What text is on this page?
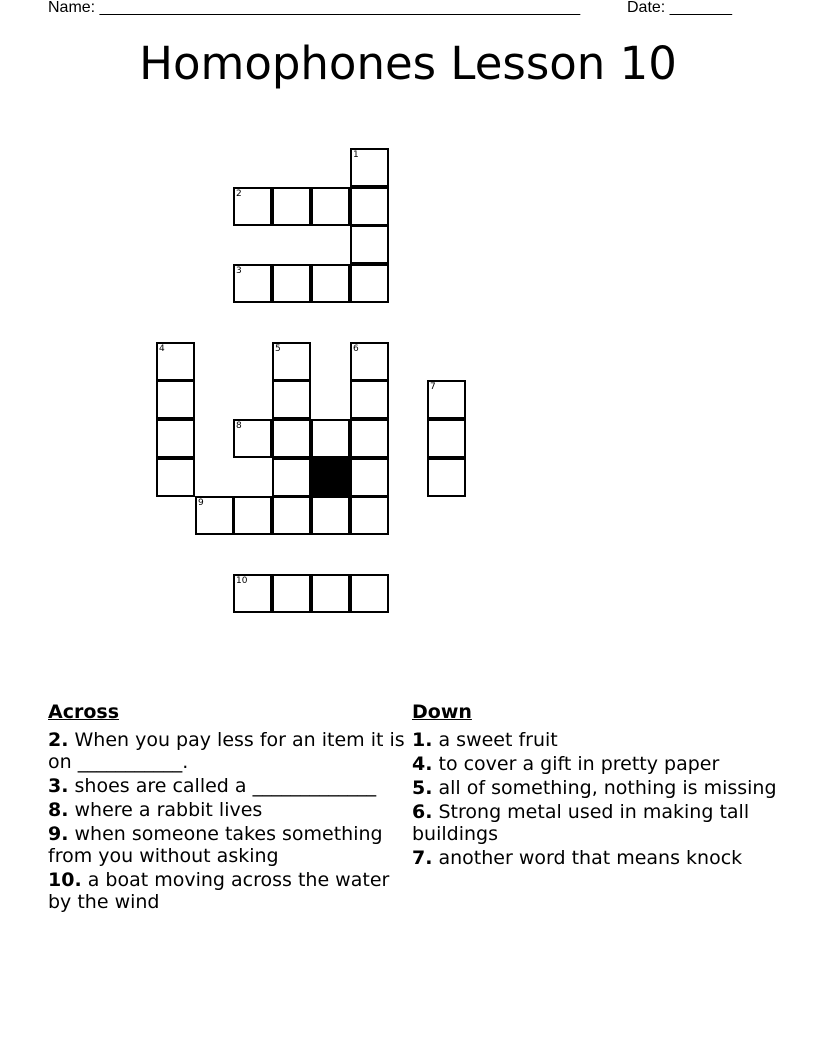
Name: ______________________________________________________	Date: _______
Homophones Lesson 10
1
2
3
4	5	6
7
8
9
10
Across
2. When you pay less for an item it is on ___________.
3. shoes are called a _____________
8. where a rabbit lives
9. when someone takes something from you without asking
10. a boat moving across the water by the wind
Down
1. a sweet fruit
4. to cover a gift in pretty paper
5. all of something, nothing is missing
6. Strong metal used in making tall buildings
7. another word that means knock
